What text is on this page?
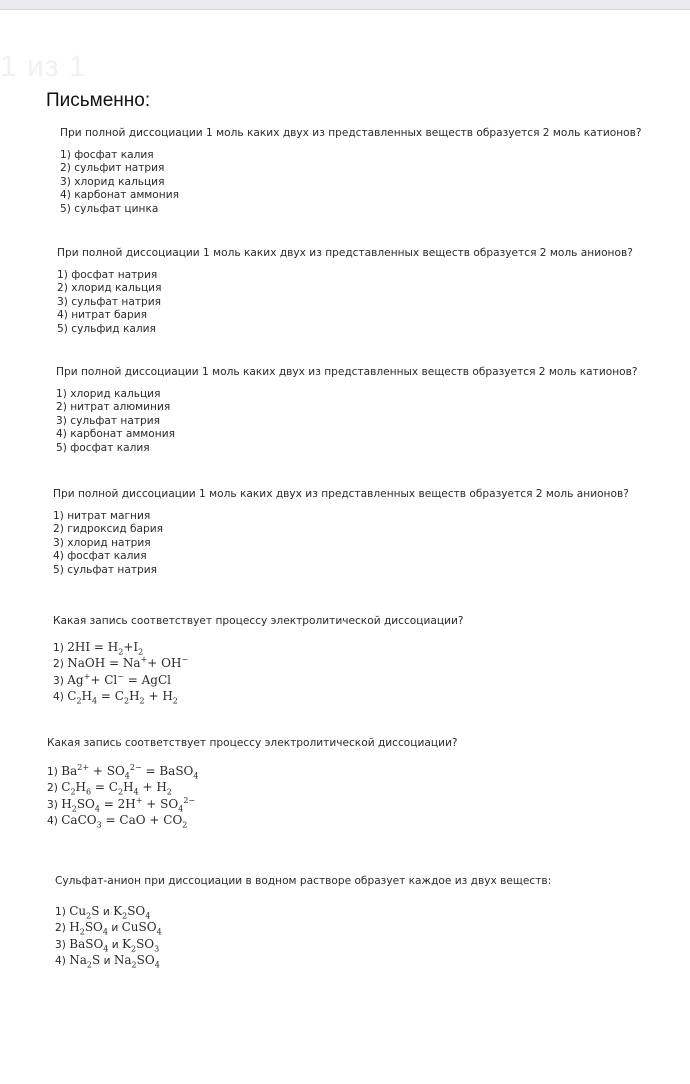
1 из 1
Письменно:
При полной диссоциации 1 моль каких двух из представленных веществ образуется 2 моль катионов?
1) фосфат калия
2) сульфит натрия
3) хлорид кальция
4) карбонат аммония
5) сульфат цинка
При полной диссоциации 1 моль каких двух из представленных веществ образуется 2 моль анионов?
1) фосфат натрия
2) хлорид кальция
3) сульфат натрия
4) нитрат бария
5) сульфид калия
При полной диссоциации 1 моль каких двух из представленных веществ образуется 2 моль катионов?
1) хлорид кальция
2) нитрат алюминия
3) сульфат натрия
4) карбонат аммония
5) фосфат калия
При полной диссоциации 1 моль каких двух из представленных веществ образуется 2 моль анионов?
1) нитрат магния
2) гидроксид бария
3) хлорид натрия
4) фосфат калия
5) сульфат натрия
Какая запись соответствует процессу электролитической диссоциации?
1) $2HI = H_2+I_2$
2) NaOH = Na++ OH−
3) Ag++ Cl− = AgCl
4) $C_2H_4 = C_2H_2 + H_2$
Какая запись соответствует процессу электролитической диссоциации?
1) $Ba^{2+} + SO_4^{2-}$ = BaSO$_4$
2) $C_2H_6 = C_2H_4 + H_2$
3) $H_2SO_4 = 2H^+ + SO_4^{2-}$
4) CaCO$_3$ = CaO + $CO_2$
Сульфат-анион при диссоциации в водном растворе образует каждое из двух веществ:
1) $Cu_2S$ и $K_2SO_4$
2) $H_2SO_4$ и CuSO$_4$
3) BaSO$_4$ и $K_2SO_3$
4) $Na_2S$ и $Na_2SO_4$
